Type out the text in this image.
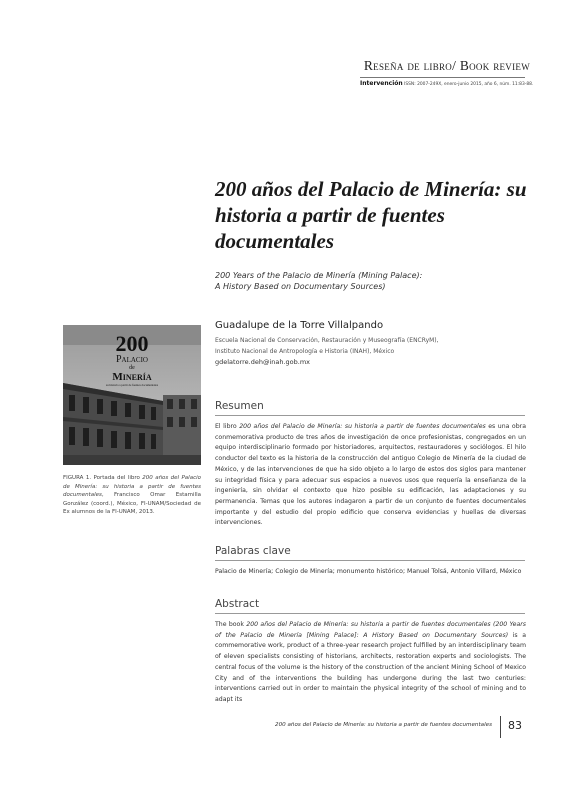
Reseña de libro/ Book review
Intervención ISSN: 2007-249X, enero-junio 2015, año 6, núm. 11:83-88.
200 años del Palacio de Minería: su historia a partir de fuentes documentales
200 Years of the Palacio de Minería (Mining Palace):
A History Based on Documentary Sources)
Guadalupe de la Torre Villalpando
Escuela Nacional de Conservación, Restauración y Museografía (ENCRyM),
Instituto Nacional de Antropología e Historia (INAH), México
gdelatorre.deh@inah.gob.mx
200
Palacio
de
Minería
su historia a partir de fuentes documentales
FIGURA 1. Portada del libro 200 años del Palacio de Minería: su historia a partir de fuentes documentales, Francisco Omar Estamilla González (coord.), México, FI-UNAM/Sociedad de Ex alumnos de la FI-UNAM, 2013.
Resumen
El libro 200 años del Palacio de Minería: su historia a partir de fuentes documentales es una obra conmemorativa producto de tres años de investigación de once profesionistas, congregados en un equipo interdisciplinario formado por historiadores, arquitectos, restauradores y sociólogos. El hilo conductor del texto es la historia de la construcción del antiguo Colegio de Minería de la ciudad de México, y de las intervenciones de que ha sido objeto a lo largo de estos dos siglos para mantener su integridad física y para adecuar sus espacios a nuevos usos que requería la enseñanza de la ingeniería, sin olvidar el contexto que hizo posible su edificación, las adaptaciones y su permanencia. Temas que los autores indagaron a partir de un conjunto de fuentes documentales importante y del estudio del propio edificio que conserva evidencias y huellas de diversas intervenciones.
Palabras clave
Palacio de Minería; Colegio de Minería; monumento histórico; Manuel Tolsá, Antonio Villard, México
Abstract
The book 200 años del Palacio de Minería: su historia a partir de fuentes documentales (200 Years of the Palacio de Minería [Mining Palace]: A History Based on Documentary Sources) is a commemorative work, product of a three-year research project fulfilled by an interdisciplinary team of eleven specialists consisting of historians, architects, restoration experts and sociologists. The central focus of the volume is the history of the construction of the ancient Mining School of Mexico City and of the interventions the building has undergone during the last two centuries: interventions carried out in order to maintain the physical integrity of the school of mining and to adapt its
200 años del Palacio de Minería: su historia a partir de fuentes documentales 83
